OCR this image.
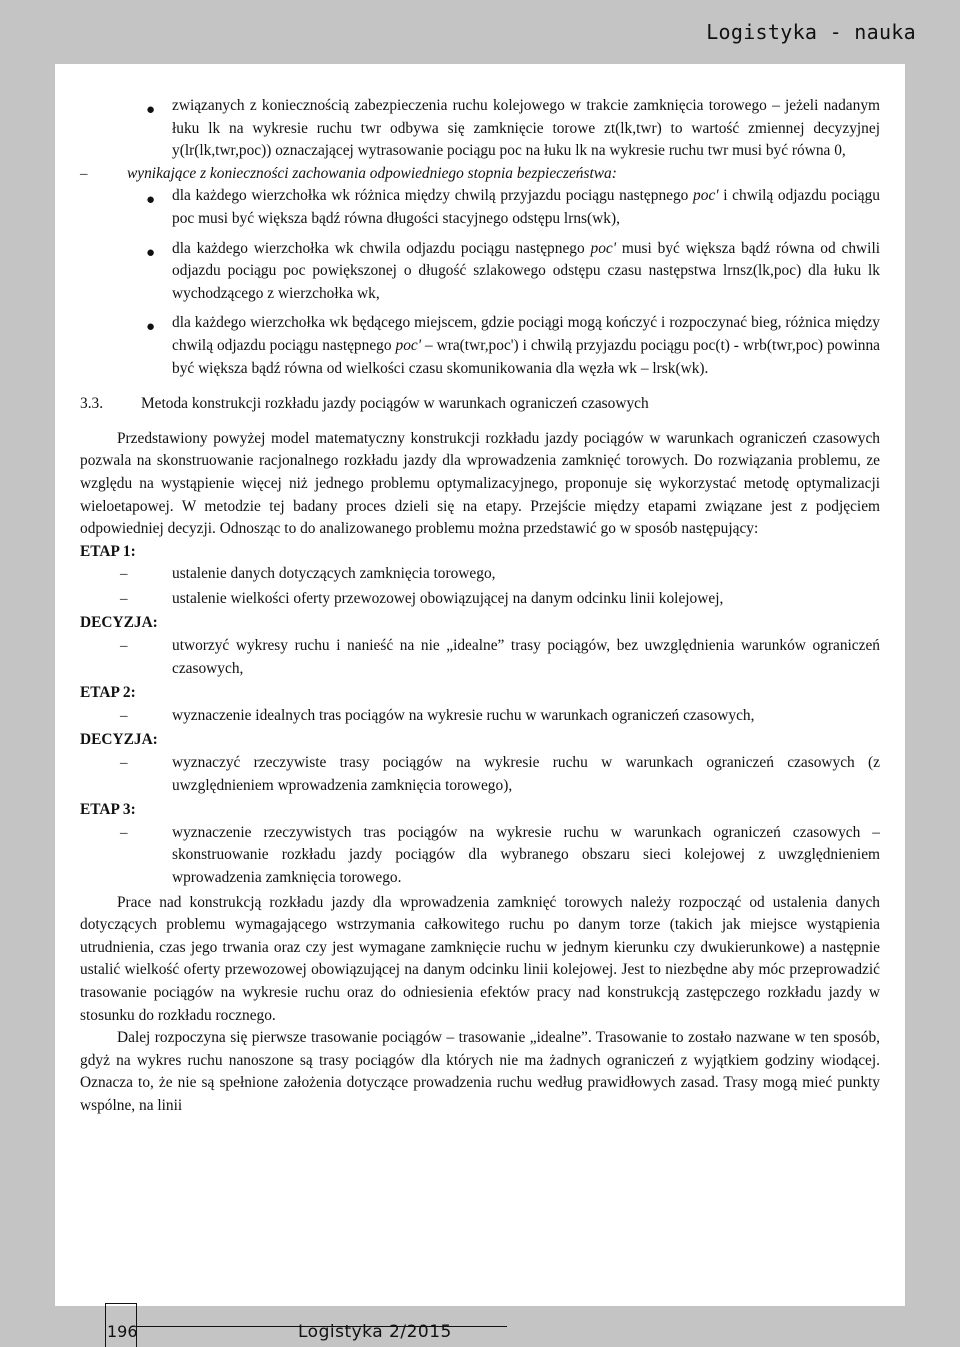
Logistyka - nauka
● związanych z koniecznością zabezpieczenia ruchu kolejowego w trakcie zamknięcia torowego – jeżeli nadanym łuku lk na wykresie ruchu twr odbywa się zamknięcie torowe zt(lk,twr) to wartość zmiennej decyzyjnej y(lr(lk,twr,poc)) oznaczającej wytrasowanie pociągu poc na łuku lk na wykresie ruchu twr musi być równa 0,
–	wynikające z konieczności zachowania odpowiedniego stopnia bezpieczeństwa:
● dla każdego wierzchołka wk różnica między chwilą przyjazdu pociągu następnego poc' i chwilą odjazdu pociągu poc musi być większa bądź równa długości stacyjnego odstępu lrns(wk),
● dla każdego wierzchołka wk chwila odjazdu pociągu następnego poc' musi być większa bądź równa od chwili odjazdu pociągu poc powiększonej o długość szlakowego odstępu czasu następstwa lrnsz(lk,poc) dla łuku lk wychodzącego z wierzchołka wk,
● dla każdego wierzchołka wk będącego miejscem, gdzie pociągi mogą kończyć i rozpoczynać bieg, różnica między chwilą odjazdu pociągu następnego poc' – wra(twr,poc') i chwilą przyjazdu pociągu poc(t) - wrb(twr,poc) powinna być większa bądź równa od wielkości czasu skomunikowania dla węzła wk – lrsk(wk).
3.3. Metoda konstrukcji rozkładu jazdy pociągów w warunkach ograniczeń czasowych

Przedstawiony powyżej model matematyczny konstrukcji rozkładu jazdy pociągów w warunkach ograniczeń czasowych pozwala na skonstruowanie racjonalnego rozkładu jazdy dla wprowadzenia zamknięć torowych. Do rozwiązania problemu, ze względu na wystąpienie więcej niż jednego problemu optymalizacyjnego, proponuje się wykorzystać metodę optymalizacji wieloetapowej. W metodzie tej badany proces dzieli się na etapy. Przejście między etapami związane jest z podjęciem odpowiedniej decyzji. Odnosząc to do analizowanego problemu można przedstawić go w sposób następujący:

ETAP 1:
–	ustalenie danych dotyczących zamknięcia torowego,
–	ustalenie wielkości oferty przewozowej obowiązującej na danym odcinku linii kolejowej,
DECYZJA:
–	utworzyć wykresy ruchu i nanieść na nie „idealne” trasy pociągów, bez uwzględnienia warunków ograniczeń czasowych,
ETAP 2:
–	wyznaczenie idealnych tras pociągów na wykresie ruchu w warunkach ograniczeń czasowych,
DECYZJA:
–	wyznaczyć rzeczywiste trasy pociągów na wykresie ruchu w warunkach ograniczeń czasowych (z uwzględnieniem wprowadzenia zamknięcia torowego),
ETAP 3:
–	wyznaczenie rzeczywistych tras pociągów na wykresie ruchu w warunkach ograniczeń czasowych – skonstruowanie rozkładu jazdy pociągów dla wybranego obszaru sieci kolejowej z uwzględnieniem wprowadzenia zamknięcia torowego.

Prace nad konstrukcją rozkładu jazdy dla wprowadzenia zamknięć torowych należy rozpocząć od ustalenia danych dotyczących problemu wymagającego wstrzymania całkowitego ruchu po danym torze (takich jak miejsce wystąpienia utrudnienia, czas jego trwania oraz czy jest wymagane zamknięcie ruchu w jednym kierunku czy dwukierunkowe) a następnie ustalić wielkość oferty przewozowej obowiązującej na danym odcinku linii kolejowej. Jest to niezbędne aby móc przeprowadzić trasowanie pociągów na wykresie ruchu oraz do odniesienia efektów pracy nad konstrukcją zastępczego rozkładu jazdy w stosunku do rozkładu rocznego.

Dalej rozpoczyna się pierwsze trasowanie pociągów – trasowanie „idealne”. Trasowanie to zostało nazwane w ten sposób, gdyż na wykres ruchu nanoszone są trasy pociągów dla których nie ma żadnych ograniczeń z wyjątkiem godziny wiodącej. Oznacza to, że nie są spełnione założenia dotyczące prowadzenia ruchu według prawidłowych zasad. Trasy mogą mieć punkty wspólne, na linii

196	Logistyka 2/2015
